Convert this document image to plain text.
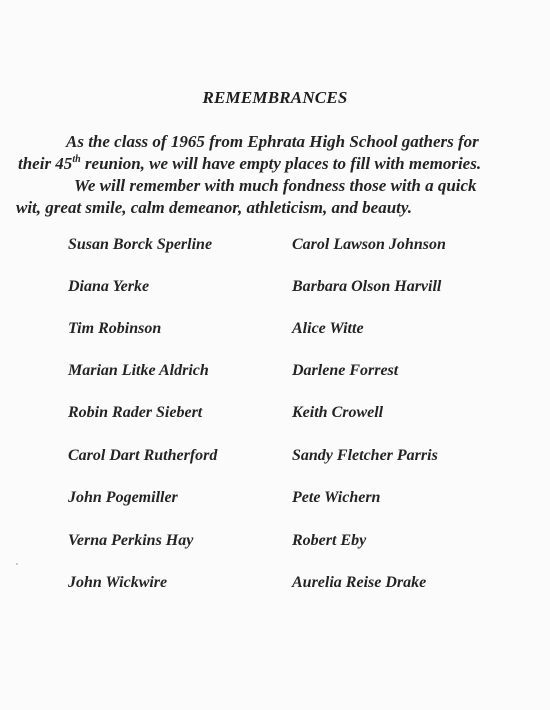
REMEMBRANCES
As the class of 1965 from Ephrata High School gathers for
their 45th reunion, we will have empty places to fill with memories.
We will remember with much fondness those with a quick
wit, great smile, calm demeanor, athleticism, and beauty.
Susan Borck Sperline	Carol Lawson Johnson
Diana Yerke	Barbara Olson Harvill
Tim Robinson	Alice Witte
Marian Litke Aldrich	Darlene Forrest
Robin Rader Siebert	Keith Crowell
Carol Dart Rutherford	Sandy Fletcher Parris
John Pogemiller	Pete Wichern
Verna Perkins Hay	Robert Eby
John Wickwire	Aurelia Reise Drake
